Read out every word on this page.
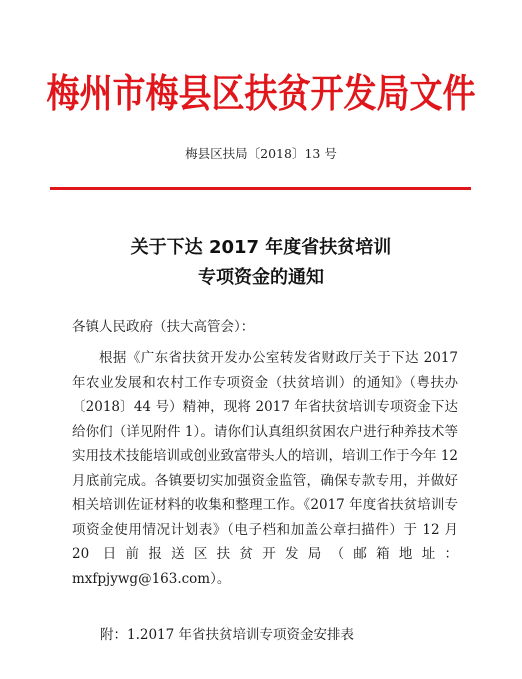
梅州市梅县区扶贫开发局文件
梅县区扶局〔2018〕13 号
关于下达 2017 年度省扶贫培训
专项资金的通知
各镇人民政府（扶大高管会）：
根据《广东省扶贫开发办公室转发省财政厅关于下达 2017 年农业发展和农村工作专项资金（扶贫培训）的通知》（粤扶办〔2018〕44 号）精神，现将 2017 年省扶贫培训专项资金下达给你们（详见附件 1）。请你们认真组织贫困农户进行种养技术等实用技术技能培训或创业致富带头人的培训，培训工作于今年 12 月底前完成。各镇要切实加强资金监管，确保专款专用，并做好相关培训佐证材料的收集和整理工作。《2017 年度省扶贫培训专项资金使用情况计划表》（电子档和加盖公章扫描件）于 12 月 20 日前报送区扶贫开发局（邮箱地址：mxfpjywg@163.com）。
附：1.2017 年省扶贫培训专项资金安排表
